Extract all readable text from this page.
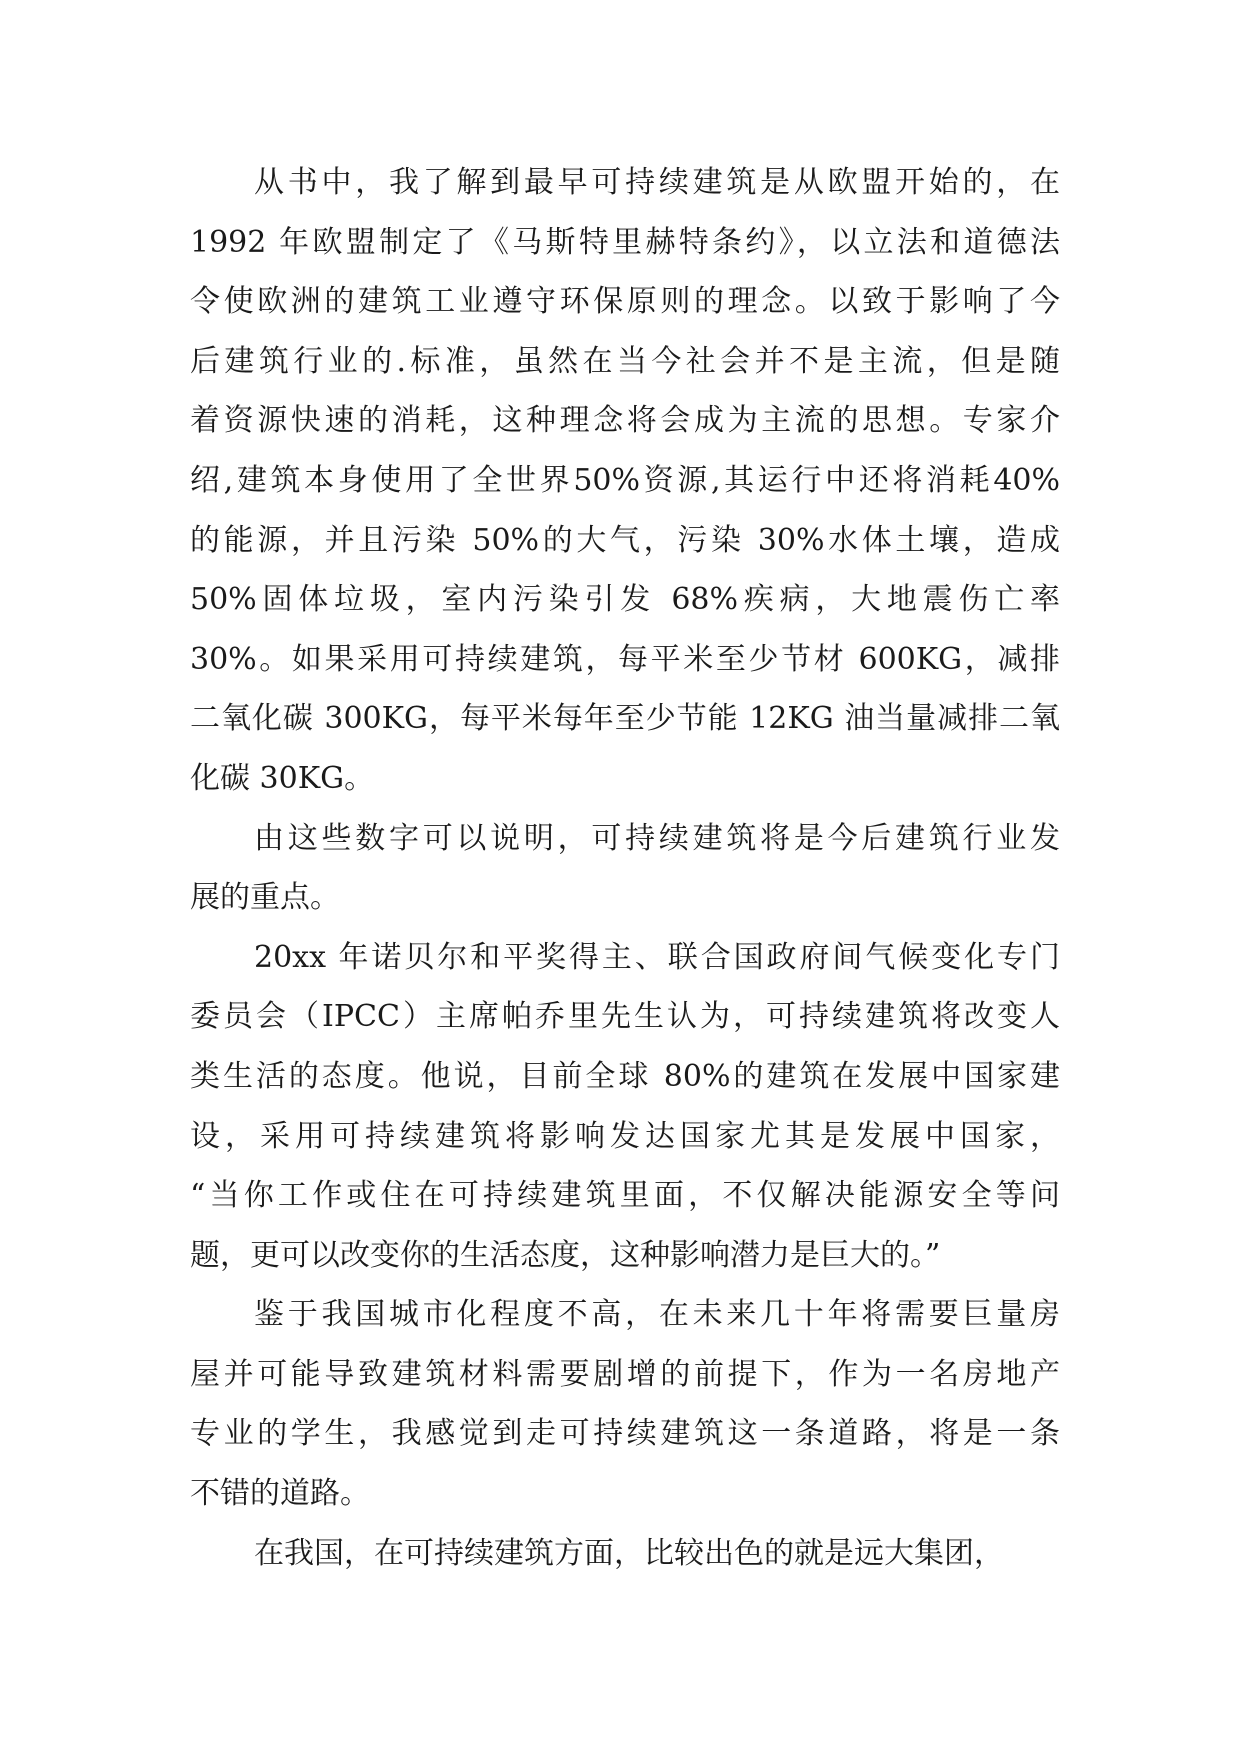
从书中，我了解到最早可持续建筑是从欧盟开始的，在
1992 年欧盟制定了《马斯特里赫特条约》，以立法和道德法
令使欧洲的建筑工业遵守环保原则的理念。以致于影响了今
后建筑行业的.标准，虽然在当今社会并不是主流，但是随
着资源快速的消耗，这种理念将会成为主流的思想。专家介
绍,建筑本身使用了全世界50%资源,其运行中还将消耗40%
的能源，并且污染 50%的大气，污染 30%水体土壤，造成
50%固体垃圾，室内污染引发 68%疾病，大地震伤亡率
30%。如果采用可持续建筑，每平米至少节材 600KG，减排
二氧化碳 300KG，每平米每年至少节能 12KG 油当量减排二氧
化碳 30KG。
由这些数字可以说明，可持续建筑将是今后建筑行业发
展的重点。
20xx 年诺贝尔和平奖得主、联合国政府间气候变化专门
委员会（IPCC）主席帕乔里先生认为，可持续建筑将改变人
类生活的态度。他说，目前全球 80%的建筑在发展中国家建
设，采用可持续建筑将影响发达国家尤其是发展中国家，
“当你工作或住在可持续建筑里面，不仅解决能源安全等问
题，更可以改变你的生活态度，这种影响潜力是巨大的。”
鉴于我国城市化程度不高，在未来几十年将需要巨量房
屋并可能导致建筑材料需要剧增的前提下，作为一名房地产
专业的学生，我感觉到走可持续建筑这一条道路，将是一条
不错的道路。
在我国，在可持续建筑方面，比较出色的就是远大集团，
